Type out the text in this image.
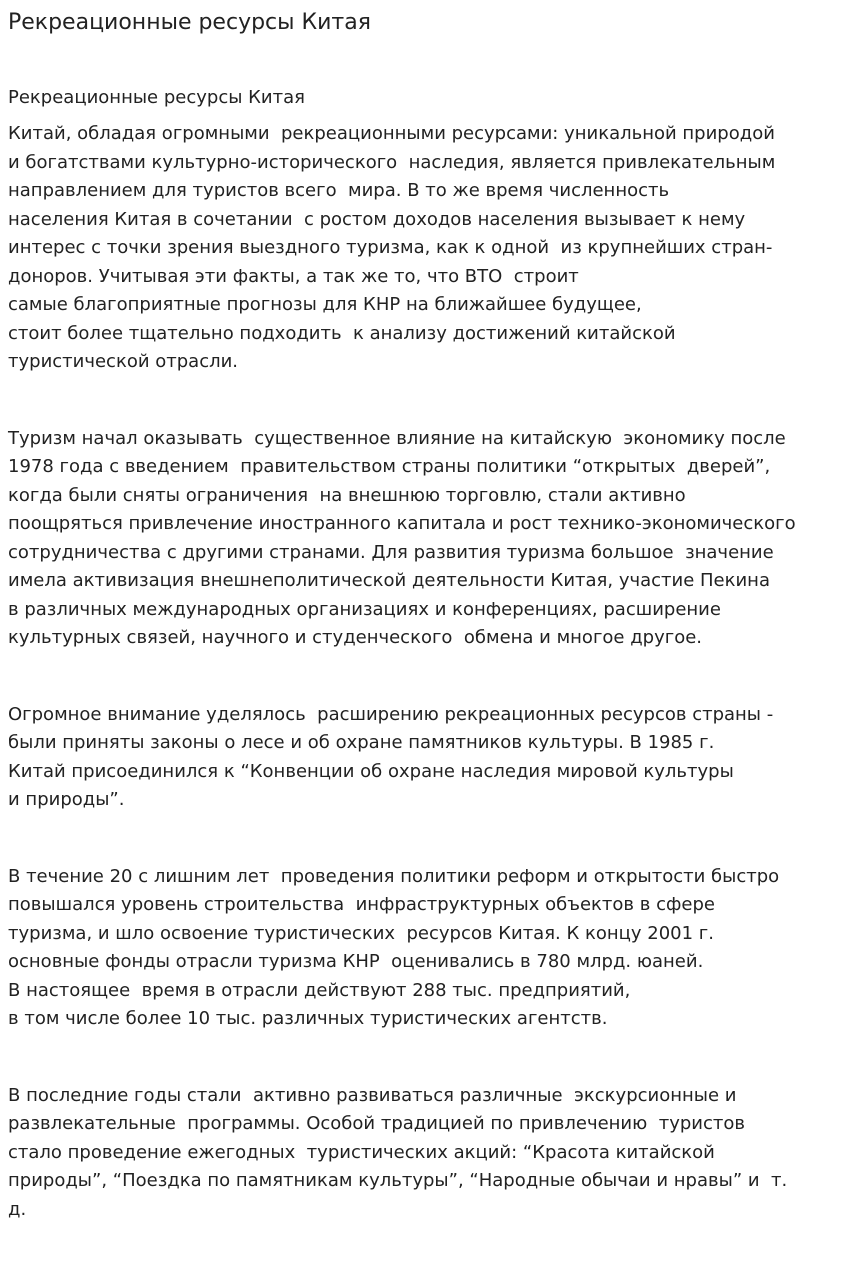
Рекреационные ресурсы Китая
Рекреационные ресурсы Китая

Китай, обладая огромными  рекреационными ресурсами: уникальной природой
и богатствами культурно-исторического  наследия, является привлекательным
направлением для туристов всего  мира. В то же время численность
населения Китая в сочетании  с ростом доходов населения вызывает к нему
интерес с точки зрения выездного туризма, как к одной  из крупнейших стран-
доноров. Учитывая эти факты, а так же то, что ВТО  строит
самые благоприятные прогнозы для КНР на ближайшее будущее,
стоит более тщательно подходить  к анализу достижений китайской
туристической отрасли.

Туризм начал оказывать  существенное влияние на китайскую  экономику после
1978 года с введением  правительством страны политики “открытых  дверей”,
когда были сняты ограничения  на внешнюю торговлю, стали активно
поощряться привлечение иностранного капитала и рост технико-экономического
сотрудничества с другими странами. Для развития туризма большое  значение
имела активизация внешнеполитической деятельности Китая, участие Пекина
в различных международных организациях и конференциях, расширение
культурных связей, научного и студенческого  обмена и многое другое.

Огромное внимание уделялось  расширению рекреационных ресурсов страны -
были приняты законы о лесе и об охране памятников культуры. В 1985 г.
Китай присоединился к “Конвенции об охране наследия мировой культуры
и природы”.

В течение 20 с лишним лет  проведения политики реформ и открытости быстро
повышался уровень строительства  инфраструктурных объектов в сфере
туризма, и шло освоение туристических  ресурсов Китая. К концу 2001 г.
основные фонды отрасли туризма КНР  оценивались в 780 млрд. юаней.
В настоящее  время в отрасли действуют 288 тыс. предприятий,
в том числе более 10 тыс. различных туристических агентств.

В последние годы стали  активно развиваться различные  экскурсионные и
развлекательные  программы. Особой традицией по привлечению  туристов
стало проведение ежегодных  туристических акций: “Красота китайской
природы”, “Поездка по памятникам культуры”, “Народные обычаи и нравы” и  т.
д.
